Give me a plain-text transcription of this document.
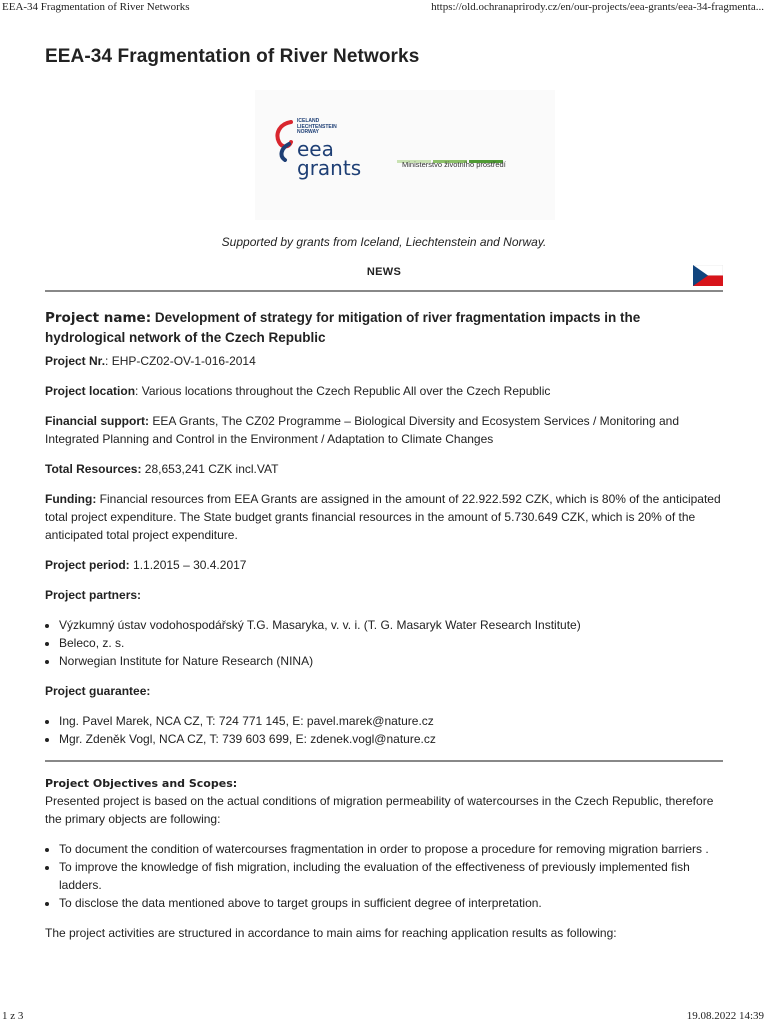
EEA-34 Fragmentation of River Networks	https://old.ochranaprirody.cz/en/our-projects/eea-grants/eea-34-fragmenta...
EEA-34 Fragmentation of River Networks
ICELAND
LIECHTENSTEIN
NORWAY
eea
grants	Ministerstvo životního prostředí
Supported by grants from Iceland, Liechtenstein and Norway.
NEWS

Project name: Development of strategy for mitigation of river fragmentation impacts in the hydrological network of the Czech Republic

Project Nr.: EHP-CZ02-OV-1-016-2014

Project location: Various locations throughout the Czech Republic All over the Czech Republic

Financial support: EEA Grants, The CZ02 Programme – Biological Diversity and Ecosystem Services / Monitoring and Integrated Planning and Control in the Environment / Adaptation to Climate Changes

Total Resources: 28,653,241 CZK incl.VAT

Funding: Financial resources from EEA Grants are assigned in the amount of 22.922.592 CZK, which is 80% of the anticipated total project expenditure. The State budget grants financial resources in the amount of 5.730.649 CZK, which is 20% of the anticipated total project expenditure.

Project period: 1.1.2015 – 30.4.2017

Project partners:

• Výzkumný ústav vodohospodářský T.G. Masaryka, v. v. i. (T. G. Masaryk Water Research Institute)
• Beleco, z. s.
• Norwegian Institute for Nature Research (NINA)

Project guarantee:

• Ing. Pavel Marek, NCA CZ, T: 724 771 145, E: pavel.marek@nature.cz
• Mgr. Zdeněk Vogl, NCA CZ, T: 739 603 699, E: zdenek.vogl@nature.cz

Project Objectives and Scopes:

Presented project is based on the actual conditions of migration permeability of watercourses in the Czech Republic, therefore the primary objects are following:

• To document the condition of watercourses fragmentation in order to propose a procedure for removing migration barriers .
• To improve the knowledge of fish migration, including the evaluation of the effectiveness of previously implemented fish ladders.
• To disclose the data mentioned above to target groups in sufficient degree of interpretation.

The project activities are structured in accordance to main aims for reaching application results as following:

1 z 3	19.08.2022 14:39
